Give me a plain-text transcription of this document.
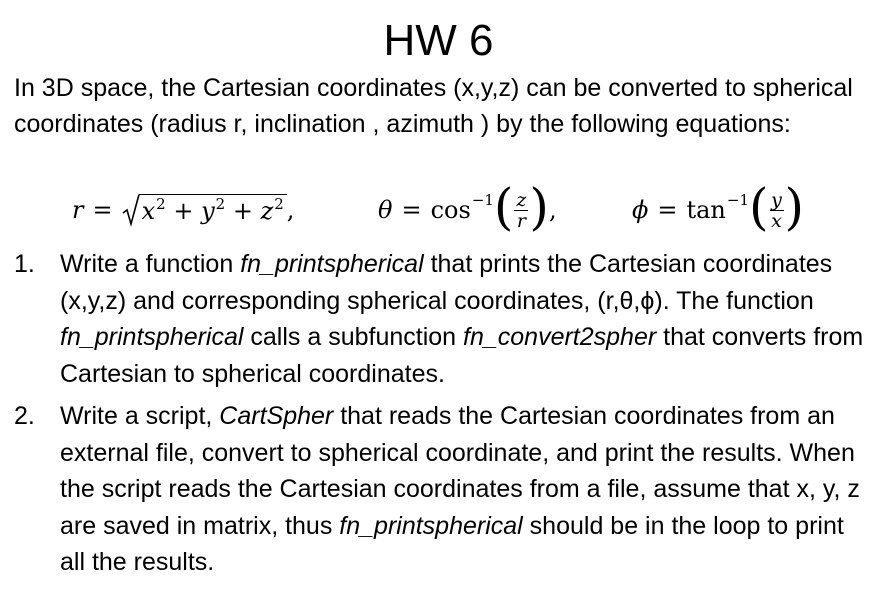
HW 6
In 3D space, the Cartesian coordinates (x,y,z) can be converted to spherical coordinates (radius r, inclination , azimuth ) by the following equations:
$r = x^2 + y^2 + z^2$ ,	θ = cos −1 ( $\frac{z}{r}$ ) ,	ϕ = tan −1 ( $\frac{y}{x}$ )
1.	Write a function fn_printspherical that prints the Cartesian coordinates (x,y,z) and corresponding spherical coordinates, (r,θ,ϕ). The function fn_printspherical calls a subfunction fn_convert2spher that converts from Cartesian to spherical coordinates.
2.	Write a script, CartSpher that reads the Cartesian coordinates from an external file, convert to spherical coordinate, and print the results. When the script reads the Cartesian coordinates from a file, assume that x, y, z are saved in matrix, thus fn_printspherical should be in the loop to print all the results.
